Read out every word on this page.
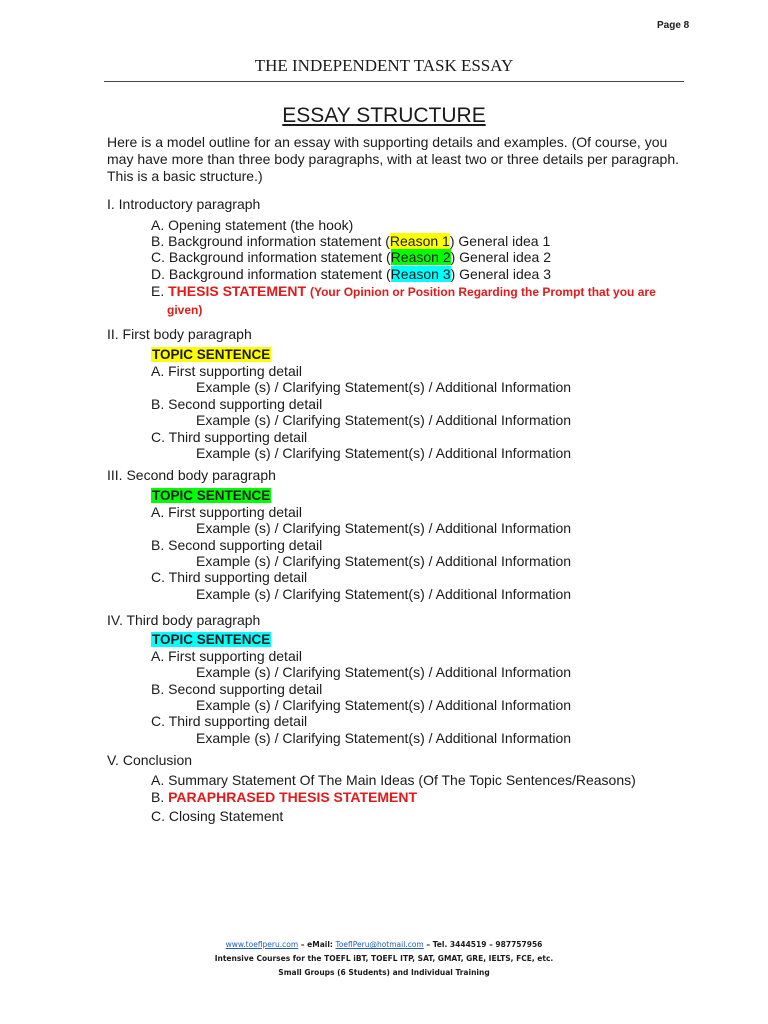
Page 8
THE INDEPENDENT TASK ESSAY
ESSAY STRUCTURE
Here is a model outline for an essay with supporting details and examples. (Of course, you may have more than three body paragraphs, with at least two or three details per paragraph. This is a basic structure.)
I. Introductory paragraph
A. Opening statement (the hook)
B. Background information statement (Reason 1) General idea 1
C. Background information statement (Reason 2) General idea 2
D. Background information statement (Reason 3) General idea 3
E. THESIS STATEMENT (Your Opinion or Position Regarding the Prompt that you are
given)
II. First body paragraph
TOPIC SENTENCE
A. First supporting detail
Example (s) / Clarifying Statement(s) / Additional Information
B. Second supporting detail
Example (s) / Clarifying Statement(s) / Additional Information
C. Third supporting detail
Example (s) / Clarifying Statement(s) / Additional Information
III. Second body paragraph
TOPIC SENTENCE
A. First supporting detail
Example (s) / Clarifying Statement(s) / Additional Information
B. Second supporting detail
Example (s) / Clarifying Statement(s) / Additional Information
C. Third supporting detail
Example (s) / Clarifying Statement(s) / Additional Information
IV. Third body paragraph
TOPIC SENTENCE
A. First supporting detail
Example (s) / Clarifying Statement(s) / Additional Information
B. Second supporting detail
Example (s) / Clarifying Statement(s) / Additional Information
C. Third supporting detail
Example (s) / Clarifying Statement(s) / Additional Information
V. Conclusion
A. Summary Statement Of The Main Ideas (Of The Topic Sentences/Reasons)
B. PARAPHRASED THESIS STATEMENT
C. Closing Statement
www.toeflperu.com – eMail: ToeflPeru@hotmail.com – Tel. 3444519 – 987757956
Intensive Courses for the TOEFL iBT, TOEFL ITP, SAT, GMAT, GRE, IELTS, FCE, etc.
Small Groups (6 Students) and Individual Training
